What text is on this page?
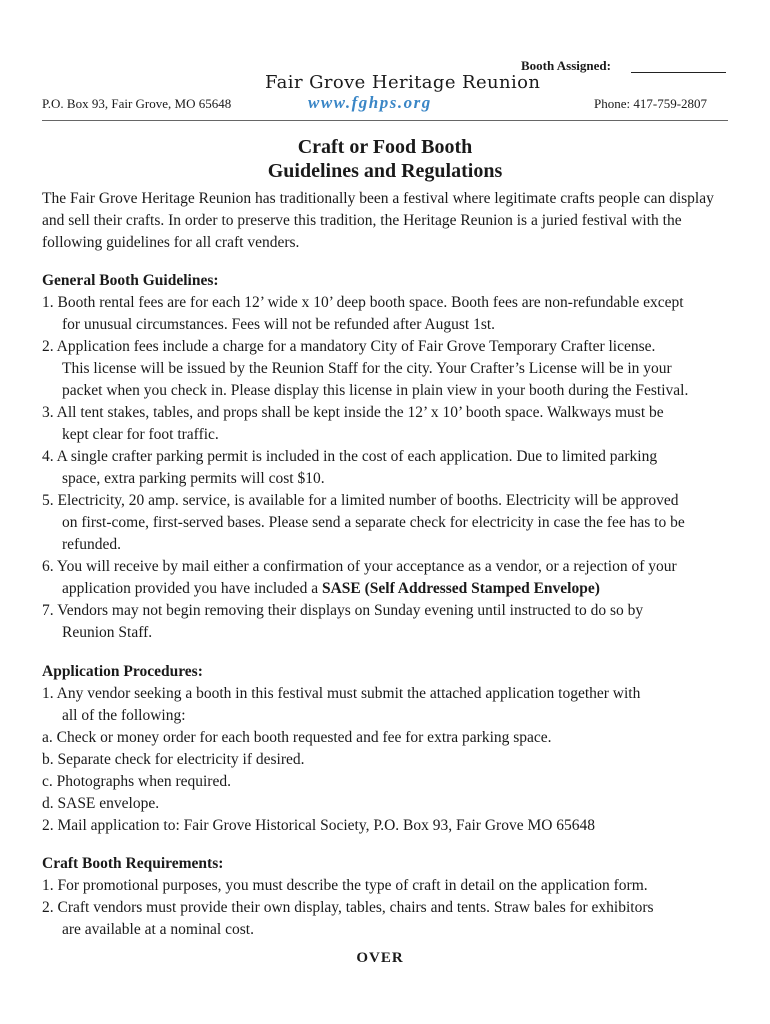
Booth Assigned:
Fair Grove Heritage Reunion
P.O. Box 93, Fair Grove, MO 65648	www.fghps.org	Phone: 417-759-2807
Craft or Food Booth
Guidelines and Regulations
The Fair Grove Heritage Reunion has traditionally been a festival where legitimate crafts people can display and sell their crafts. In order to preserve this tradition, the Heritage Reunion is a juried festival with the following guidelines for all craft venders.
General Booth Guidelines:
1. Booth rental fees are for each 12’ wide x 10’ deep booth space. Booth fees are non-refundable except
for unusual circumstances. Fees will not be refunded after August 1st.
2. Application fees include a charge for a mandatory City of Fair Grove Temporary Crafter license.
This license will be issued by the Reunion Staff for the city. Your Crafter’s License will be in your
packet when you check in. Please display this license in plain view in your booth during the Festival.
3. All tent stakes, tables, and props shall be kept inside the 12’ x 10’ booth space. Walkways must be
kept clear for foot traffic.
4. A single crafter parking permit is included in the cost of each application. Due to limited parking
space, extra parking permits will cost $10.
5. Electricity, 20 amp. service, is available for a limited number of booths. Electricity will be approved
on first-come, first-served bases. Please send a separate check for electricity in case the fee has to be
refunded.
6. You will receive by mail either a confirmation of your acceptance as a vendor, or a rejection of your
application provided you have included a SASE (Self Addressed Stamped Envelope)
7. Vendors may not begin removing their displays on Sunday evening until instructed to do so by
Reunion Staff.
Application Procedures:
1. Any vendor seeking a booth in this festival must submit the attached application together with
all of the following:
a. Check or money order for each booth requested and fee for extra parking space.
b. Separate check for electricity if desired.
c. Photographs when required.
d. SASE envelope.
2. Mail application to: Fair Grove Historical Society, P.O. Box 93, Fair Grove MO 65648
Craft Booth Requirements:
1. For promotional purposes, you must describe the type of craft in detail on the application form.
2. Craft vendors must provide their own display, tables, chairs and tents. Straw bales for exhibitors
are available at a nominal cost.
OVER
